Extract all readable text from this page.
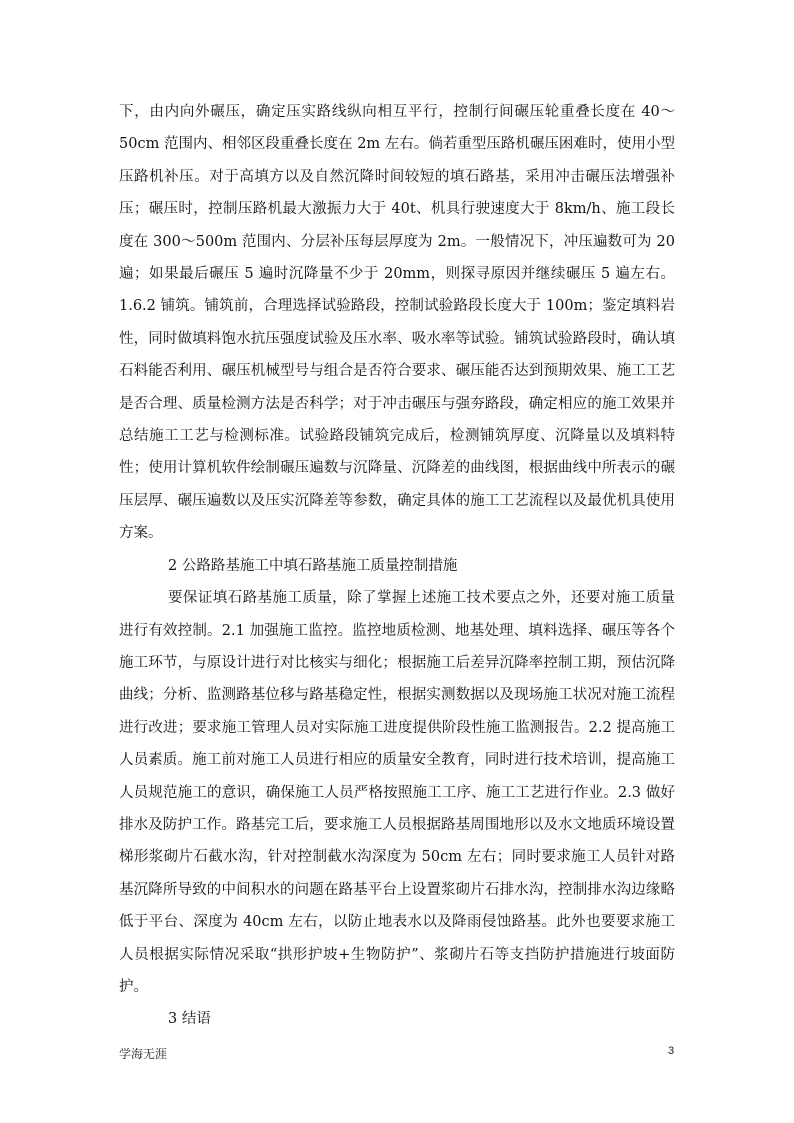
下，由内向外碾压，确定压实路线纵向相互平行，控制行间碾压轮重叠长度在 40～50cm 范围内、相邻区段重叠长度在 2m 左右。倘若重型压路机碾压困难时，使用小型压路机补压。对于高填方以及自然沉降时间较短的填石路基，采用冲击碾压法增强补压；碾压时，控制压路机最大激振力大于 40t、机具行驶速度大于 8km/h、施工段长度在 300～500m 范围内、分层补压每层厚度为 2m。一般情况下，冲压遍数可为 20 遍；如果最后碾压 5 遍时沉降量不少于 20mm，则探寻原因并继续碾压 5 遍左右。1.6.2 铺筑。铺筑前，合理选择试验路段，控制试验路段长度大于 100m；鉴定填料岩性，同时做填料饱水抗压强度试验及压水率、吸水率等试验。铺筑试验路段时，确认填石料能否利用、碾压机械型号与组合是否符合要求、碾压能否达到预期效果、施工工艺是否合理、质量检测方法是否科学；对于冲击碾压与强夯路段，确定相应的施工效果并总结施工工艺与检测标准。试验路段铺筑完成后，检测铺筑厚度、沉降量以及填料特性；使用计算机软件绘制碾压遍数与沉降量、沉降差的曲线图，根据曲线中所表示的碾压层厚、碾压遍数以及压实沉降差等参数，确定具体的施工工艺流程以及最优机具使用方案。

2 公路路基施工中填石路基施工质量控制措施

要保证填石路基施工质量，除了掌握上述施工技术要点之外，还要对施工质量进行有效控制。2.1 加强施工监控。监控地质检测、地基处理、填料选择、碾压等各个施工环节，与原设计进行对比核实与细化；根据施工后差异沉降率控制工期，预估沉降曲线；分析、监测路基位移与路基稳定性，根据实测数据以及现场施工状况对施工流程进行改进；要求施工管理人员对实际施工进度提供阶段性施工监测报告。2.2 提高施工人员素质。施工前对施工人员进行相应的质量安全教育，同时进行技术培训，提高施工人员规范施工的意识，确保施工人员严格按照施工工序、施工工艺进行作业。2.3 做好排水及防护工作。路基完工后，要求施工人员根据路基周围地形以及水文地质环境设置梯形浆砌片石截水沟，针对控制截水沟深度为 50cm 左右；同时要求施工人员针对路基沉降所导致的中间积水的问题在路基平台上设置浆砌片石排水沟，控制排水沟边缘略低于平台、深度为 40cm 左右，以防止地表水以及降雨侵蚀路基。此外也要要求施工人员根据实际情况采取“拱形护坡+生物防护”、浆砌片石等支挡防护措施进行坡面防护。

3 结语

学海无涯	3
